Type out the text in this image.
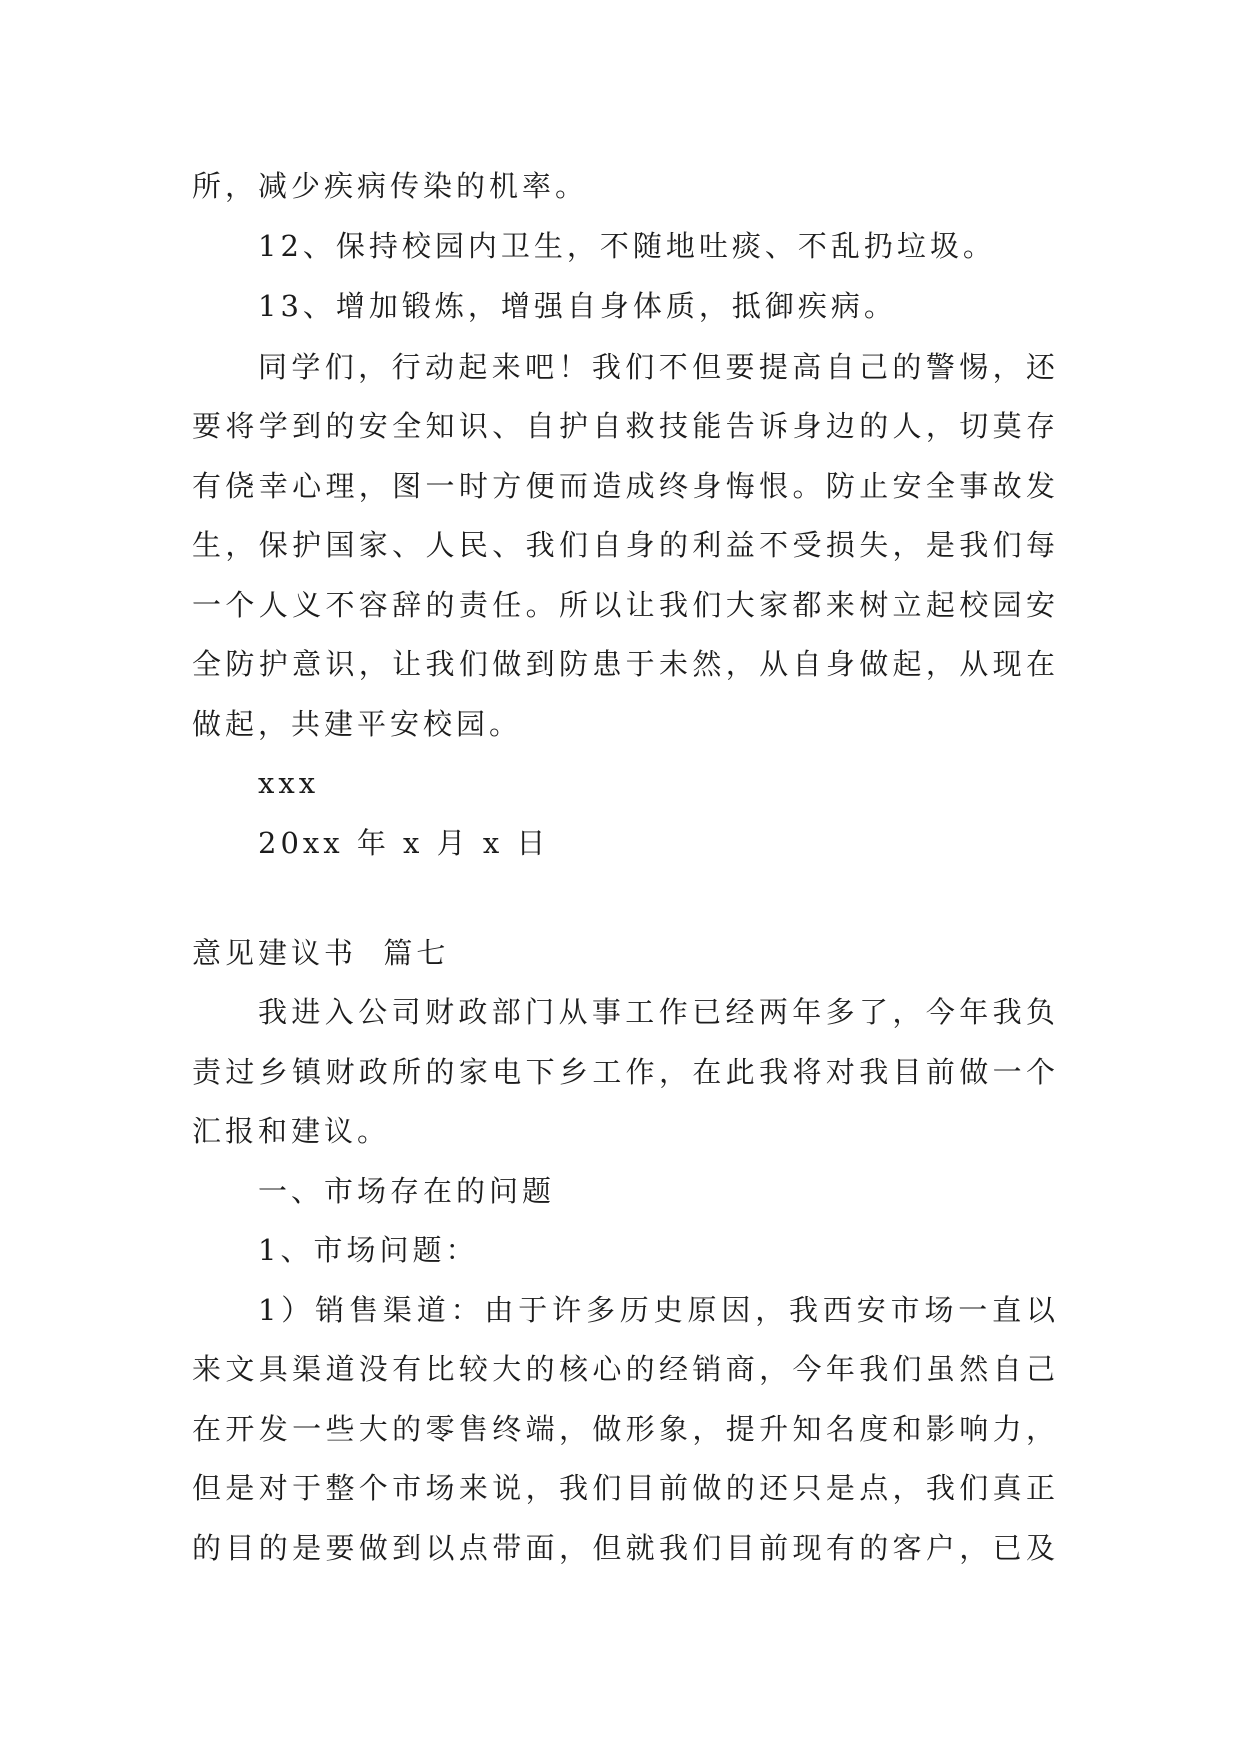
所，减少疾病传染的机率。
12、保持校园内卫生，不随地吐痰、不乱扔垃圾。
13、增加锻炼，增强自身体质，抵御疾病。
同学们，行动起来吧！我们不但要提高自己的警惕，还
要将学到的安全知识、自护自救技能告诉身边的人，切莫存
有侥幸心理，图一时方便而造成终身悔恨。防止安全事故发
生，保护国家、人民、我们自身的利益不受损失，是我们每
一个人义不容辞的责任。所以让我们大家都来树立起校园安
全防护意识，让我们做到防患于未然，从自身做起，从现在
做起，共建平安校园。
xxx
20xx 年 x 月 x 日
意见建议书  篇七
我进入公司财政部门从事工作已经两年多了，今年我负
责过乡镇财政所的家电下乡工作，在此我将对我目前做一个
汇报和建议。
一、市场存在的问题
1、市场问题：
1）销售渠道：由于许多历史原因，我西安市场一直以
来文具渠道没有比较大的核心的经销商，今年我们虽然自己
在开发一些大的零售终端，做形象，提升知名度和影响力，
但是对于整个市场来说，我们目前做的还只是点，我们真正
的目的是要做到以点带面，但就我们目前现有的客户，已及
